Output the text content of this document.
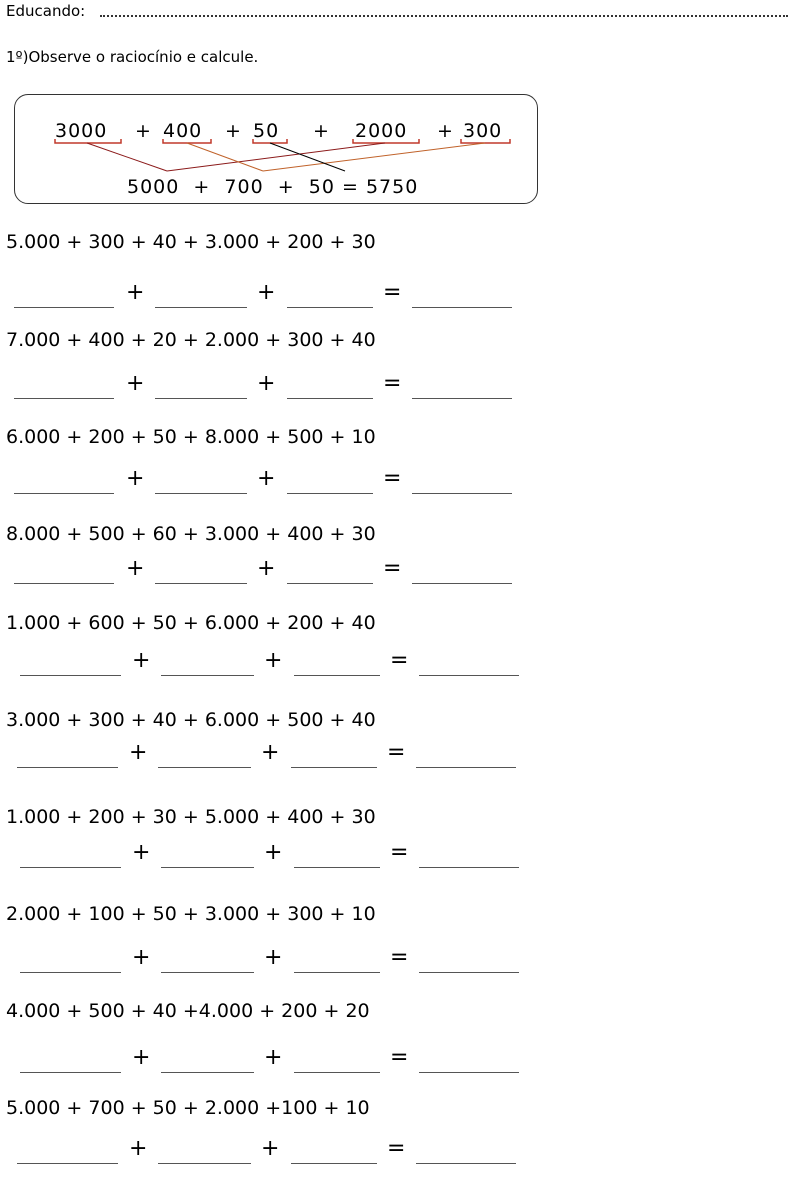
Educando:
1º)Observe o raciocínio e calcule.
3000 + 400 + 50 + 2000 + 300
5000  +  700  +  50 = 5750
5.000 + 300 + 40 + 3.000 + 200 + 30
+	+	=
7.000 + 400 + 20 + 2.000 + 300 + 40
+	+	=
6.000 + 200 + 50 + 8.000 + 500 + 10
+	+	=
8.000 + 500 + 60 + 3.000 + 400 + 30
+	+	=
1.000 + 600 + 50 + 6.000 + 200 + 40
+	+	=
3.000 + 300 + 40 + 6.000 + 500 + 40
+	+	=
1.000 + 200 + 30 + 5.000 + 400 + 30
+	+	=
2.000 + 100 + 50 + 3.000 + 300 + 10
+	+	=
4.000 + 500 + 40 +4.000 + 200 + 20
+	+	=
5.000 + 700 + 50 + 2.000 +100 + 10
+	+	=
